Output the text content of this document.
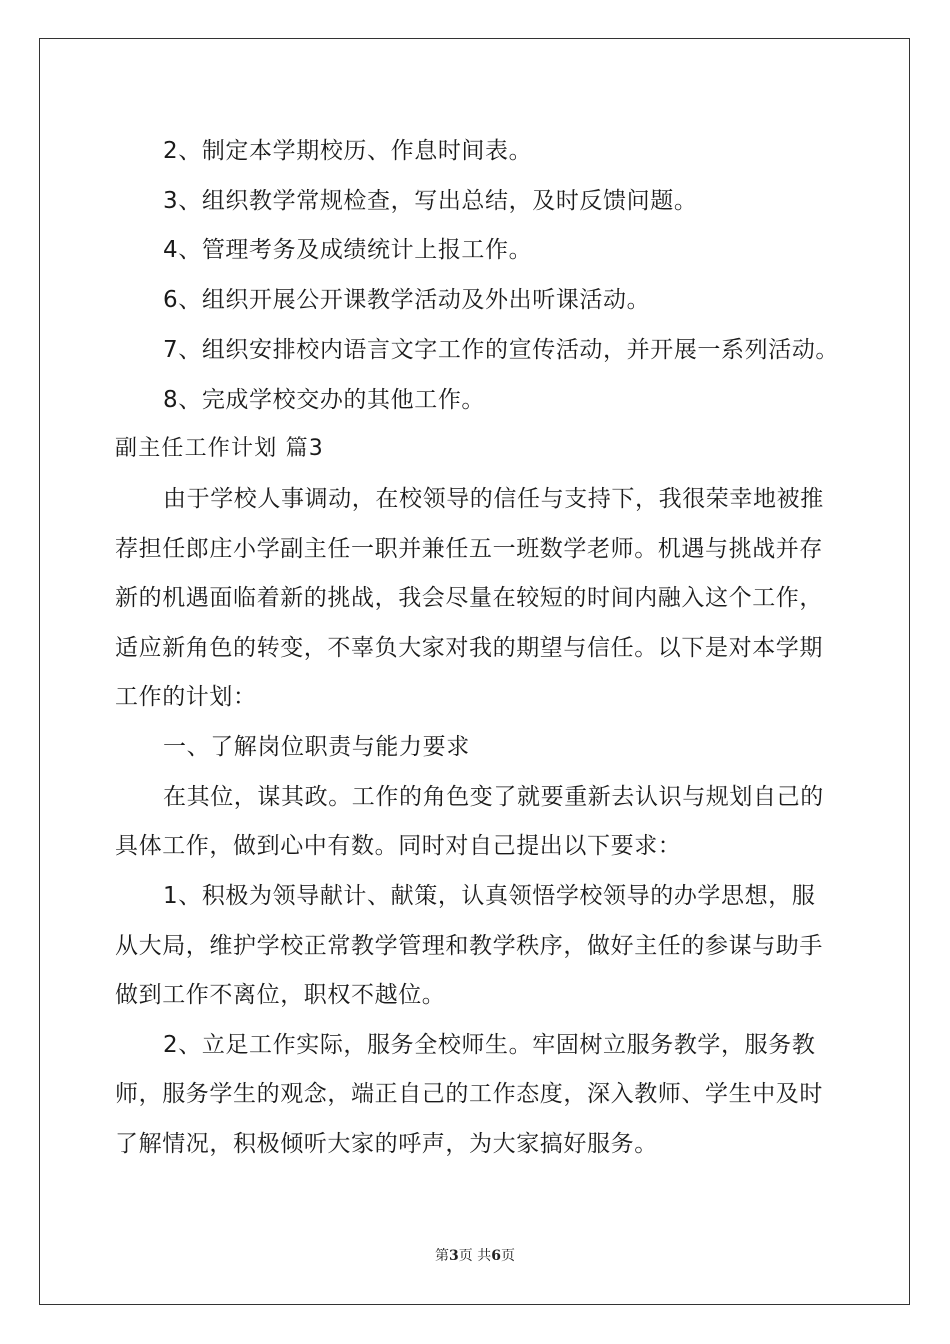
2、制定本学期校历、作息时间表。
3、组织教学常规检查，写出总结，及时反馈问题。
4、管理考务及成绩统计上报工作。
6、组织开展公开课教学活动及外出听课活动。
7、组织安排校内语言文字工作的宣传活动，并开展一系列活动。
8、完成学校交办的其他工作。
副主任工作计划 篇3
由于学校人事调动，在校领导的信任与支持下，我很荣幸地被推
荐担任郎庄小学副主任一职并兼任五一班数学老师。机遇与挑战并存
新的机遇面临着新的挑战，我会尽量在较短的时间内融入这个工作，
适应新角色的转变，不辜负大家对我的期望与信任。以下是对本学期
工作的计划：
一、了解岗位职责与能力要求
在其位，谋其政。工作的角色变了就要重新去认识与规划自己的
具体工作，做到心中有数。同时对自己提出以下要求：
1、积极为领导献计、献策，认真领悟学校领导的办学思想，服
从大局，维护学校正常教学管理和教学秩序，做好主任的参谋与助手
做到工作不离位，职权不越位。
2、立足工作实际，服务全校师生。牢固树立服务教学，服务教
师，服务学生的观念，端正自己的工作态度，深入教师、学生中及时
了解情况，积极倾听大家的呼声，为大家搞好服务。
第3页 共6页
